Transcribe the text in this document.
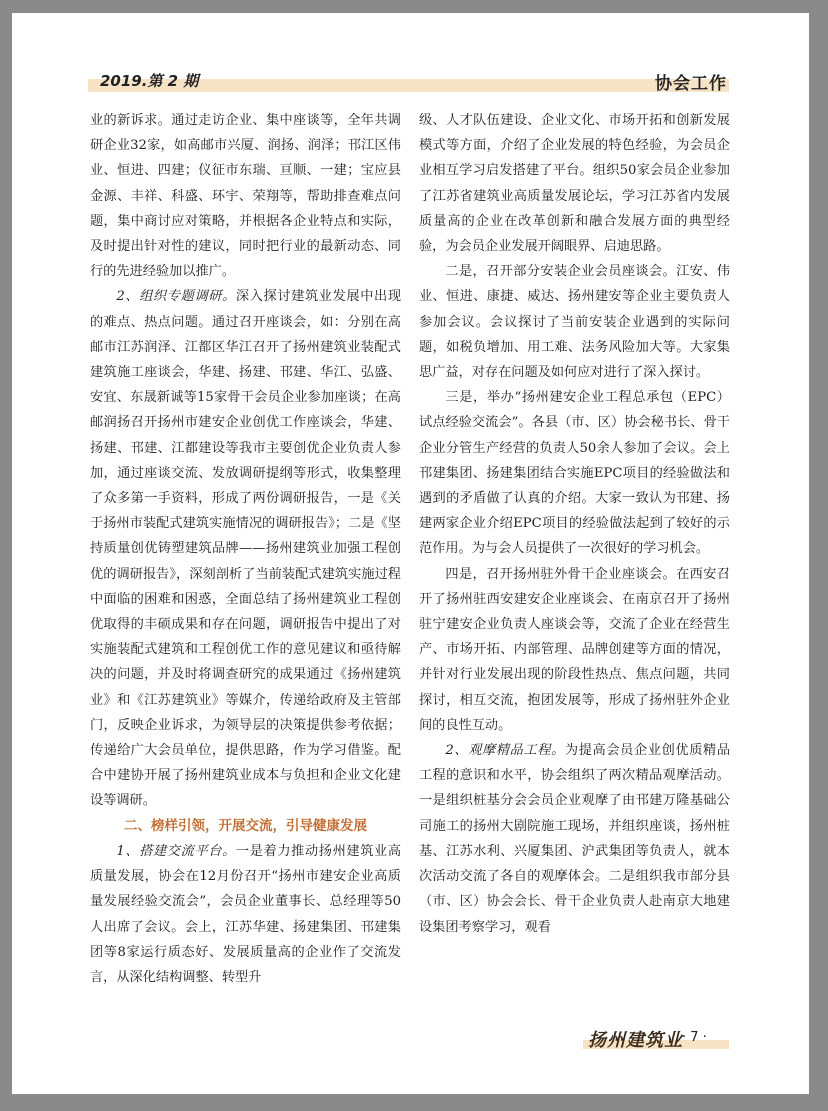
2019.第 2 期	协会工作

业的新诉求。通过走访企业、集中座谈等，全年共调研企业32家，如高邮市兴厦、润扬、润泽；邗江区伟业、恒进、四建；仪征市东瑞、亘顺、一建；宝应县金源、丰祥、科盛、环宇、荣翔等，帮助排查难点问题，集中商讨应对策略，并根据各企业特点和实际，及时提出针对性的建议，同时把行业的最新动态、同行的先进经验加以推广。

2、组织专题调研。深入探讨建筑业发展中出现的难点、热点问题。通过召开座谈会，如：分别在高邮市江苏润泽、江都区华江召开了扬州建筑业装配式建筑施工座谈会，华建、扬建、邗建、华江、弘盛、安宜、东晟新诚等15家骨干会员企业参加座谈；在高邮润扬召开扬州市建安企业创优工作座谈会，华建、扬建、邗建、江都建设等我市主要创优企业负责人参加，通过座谈交流、发放调研提纲等形式，收集整理了众多第一手资料，形成了两份调研报告，一是《关于扬州市装配式建筑实施情况的调研报告》；二是《坚持质量创优铸塑建筑品牌——扬州建筑业加强工程创优的调研报告》，深刻剖析了当前装配式建筑实施过程中面临的困难和困惑，全面总结了扬州建筑业工程创优取得的丰硕成果和存在问题，调研报告中提出了对实施装配式建筑和工程创优工作的意见建议和亟待解决的问题，并及时将调查研究的成果通过《扬州建筑业》和《江苏建筑业》等媒介，传递给政府及主管部门，反映企业诉求，为领导层的决策提供参考依据；传递给广大会员单位，提供思路，作为学习借鉴。配合中建协开展了扬州建筑业成本与负担和企业文化建设等调研。

二、榜样引领，开展交流，引导健康发展

1、搭建交流平台。一是着力推动扬州建筑业高质量发展，协会在12月份召开“扬州市建安企业高质量发展经验交流会”，会员企业董事长、总经理等50人出席了会议。会上，江苏华建、扬建集团、邗建集团等8家运行质态好、发展质量高的企业作了交流发言，从深化结构调整、转型升

级、人才队伍建设、企业文化、市场开拓和创新发展模式等方面，介绍了企业发展的特色经验，为会员企业相互学习启发搭建了平台。组织50家会员企业参加了江苏省建筑业高质量发展论坛，学习江苏省内发展质量高的企业在改革创新和融合发展方面的典型经验，为会员企业发展开阔眼界、启迪思路。

二是，召开部分安装企业会员座谈会。江安、伟业、恒进、康捷、威达、扬州建安等企业主要负责人参加会议。会议探讨了当前安装企业遇到的实际问题，如税负增加、用工难、法务风险加大等。大家集思广益，对存在问题及如何应对进行了深入探讨。

三是，举办“扬州建安企业工程总承包（EPC）试点经验交流会”。各县（市、区）协会秘书长、骨干企业分管生产经营的负责人50余人参加了会议。会上邗建集团、扬建集团结合实施EPC项目的经验做法和遇到的矛盾做了认真的介绍。大家一致认为邗建、扬建两家企业介绍EPC项目的经验做法起到了较好的示范作用。为与会人员提供了一次很好的学习机会。

四是，召开扬州驻外骨干企业座谈会。在西安召开了扬州驻西安建安企业座谈会、在南京召开了扬州驻宁建安企业负责人座谈会等，交流了企业在经营生产、市场开拓、内部管理、品牌创建等方面的情况，并针对行业发展出现的阶段性热点、焦点问题，共同探讨，相互交流，抱团发展等，形成了扬州驻外企业间的良性互动。

2、观摩精品工程。为提高会员企业创优质精品工程的意识和水平，协会组织了两次精品观摩活动。一是组织桩基分会会员企业观摩了由邗建万隆基础公司施工的扬州大剧院施工现场，并组织座谈，扬州桩基、江苏水利、兴厦集团、沪武集团等负责人，就本次活动交流了各自的观摩体会。二是组织我市部分县（市、区）协会会长、骨干企业负责人赴南京大地建设集团考察学习，观看

扬州建筑业 · 7 ·
